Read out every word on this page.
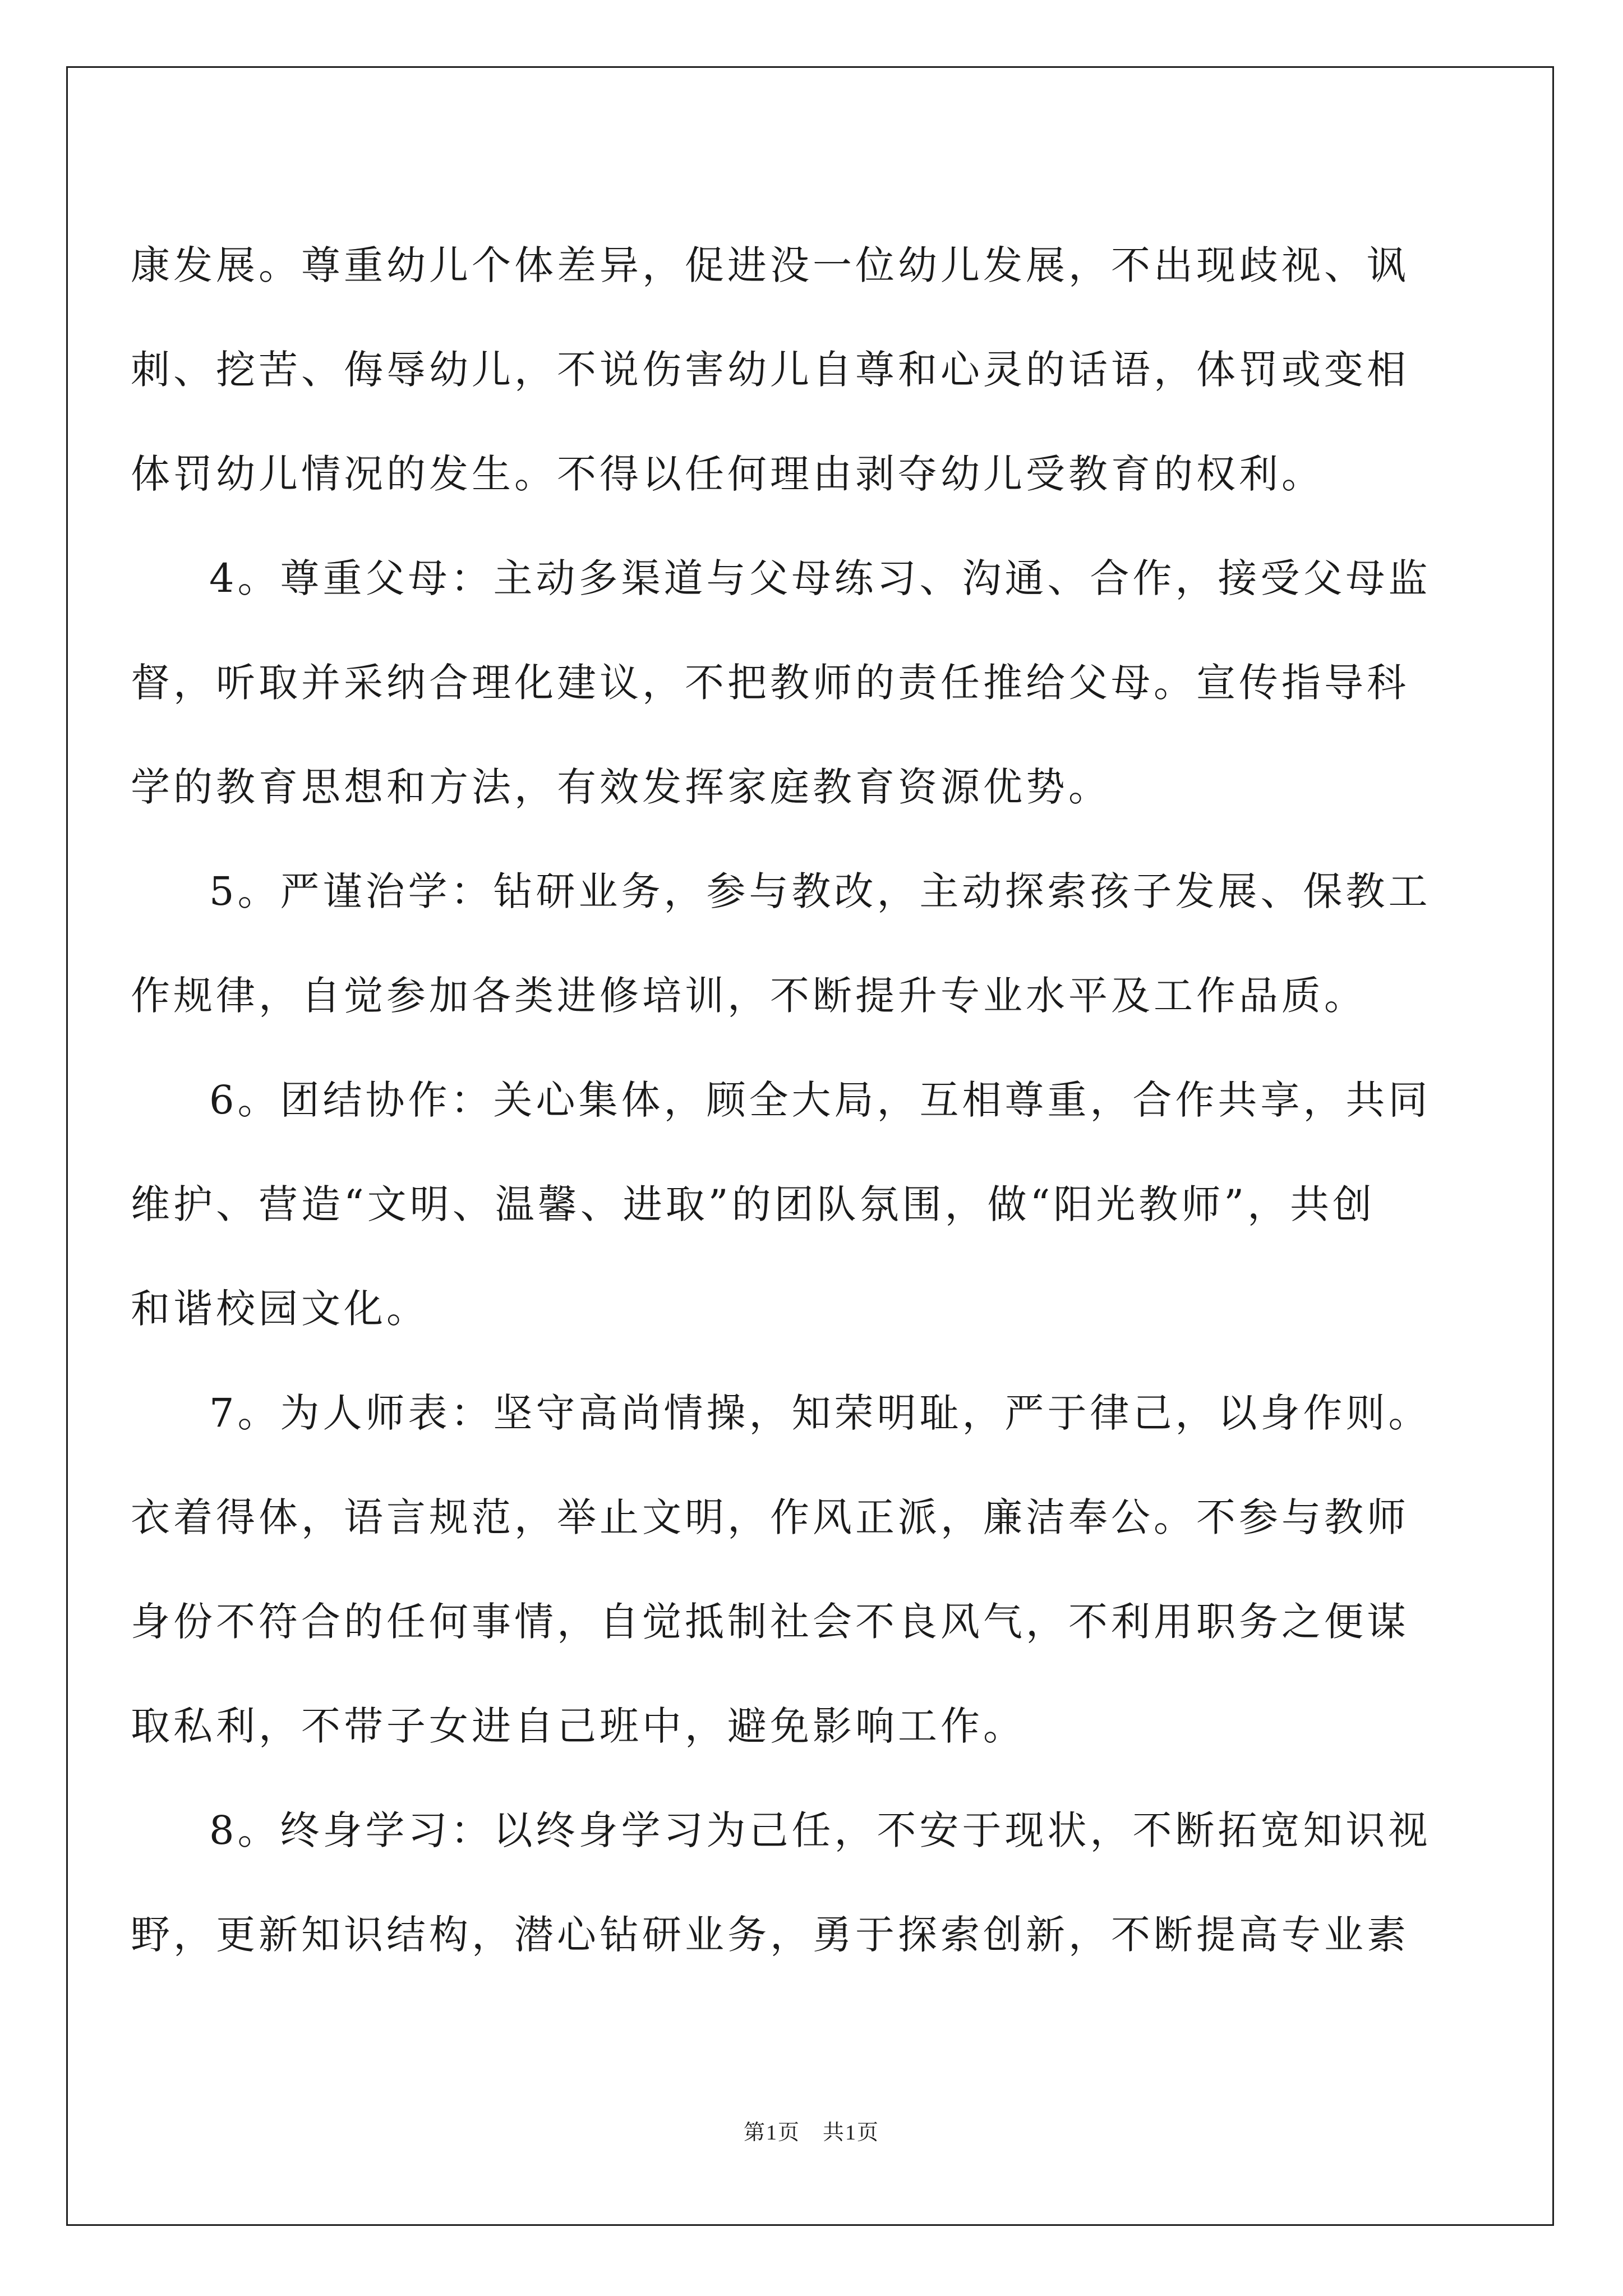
康发展。尊重幼儿个体差异，促进没一位幼儿发展，不出现歧视、讽
刺、挖苦、侮辱幼儿，不说伤害幼儿自尊和心灵的话语，体罚或变相
体罚幼儿情况的发生。不得以任何理由剥夺幼儿受教育的权利。
4。尊重父母：主动多渠道与父母练习、沟通、合作，接受父母监
督，听取并采纳合理化建议，不把教师的责任推给父母。宣传指导科
学的教育思想和方法，有效发挥家庭教育资源优势。
5。严谨治学：钻研业务，参与教改，主动探索孩子发展、保教工
作规律，自觉参加各类进修培训，不断提升专业水平及工作品质。
6。团结协作：关心集体，顾全大局，互相尊重，合作共享，共同
维护、营造“文明、温馨、进取”的团队氛围，做“阳光教师”，共创
和谐校园文化。
7。为人师表：坚守高尚情操，知荣明耻，严于律己，以身作则。
衣着得体，语言规范，举止文明，作风正派，廉洁奉公。不参与教师
身份不符合的任何事情，自觉抵制社会不良风气，不利用职务之便谋
取私利，不带子女进自己班中，避免影响工作。
8。终身学习：以终身学习为己任，不安于现状，不断拓宽知识视
野，更新知识结构，潜心钻研业务，勇于探索创新，不断提高专业素
第1页 共1页
